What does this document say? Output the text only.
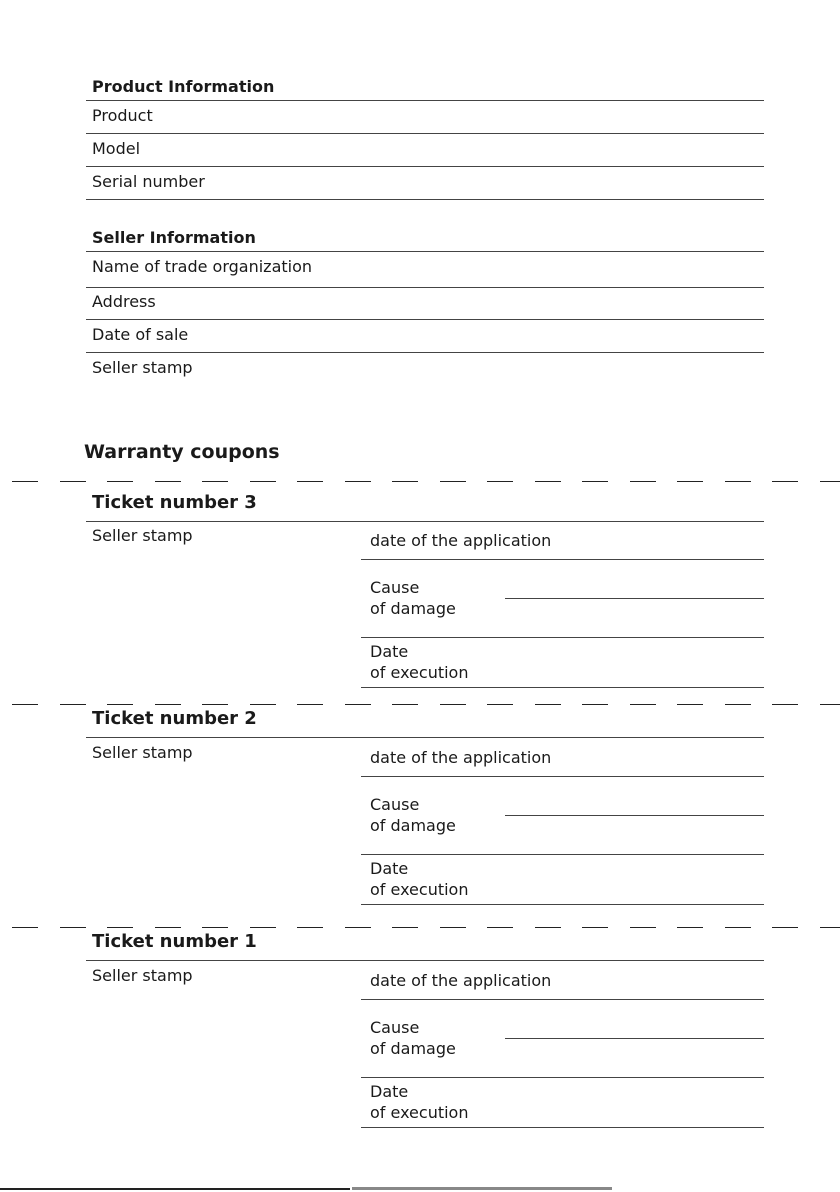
Product Information
Product
Model
Serial number
Seller Information
Name of trade organization
Address
Date of sale
Seller stamp
Warranty coupons
Ticket number 3
Seller stamp	date of the application
Cause
of damage
Date
of execution
Ticket number 2
Seller stamp	date of the application
Cause
of damage
Date
of execution
Ticket number 1
Seller stamp	date of the application
Cause
of damage
Date
of execution
